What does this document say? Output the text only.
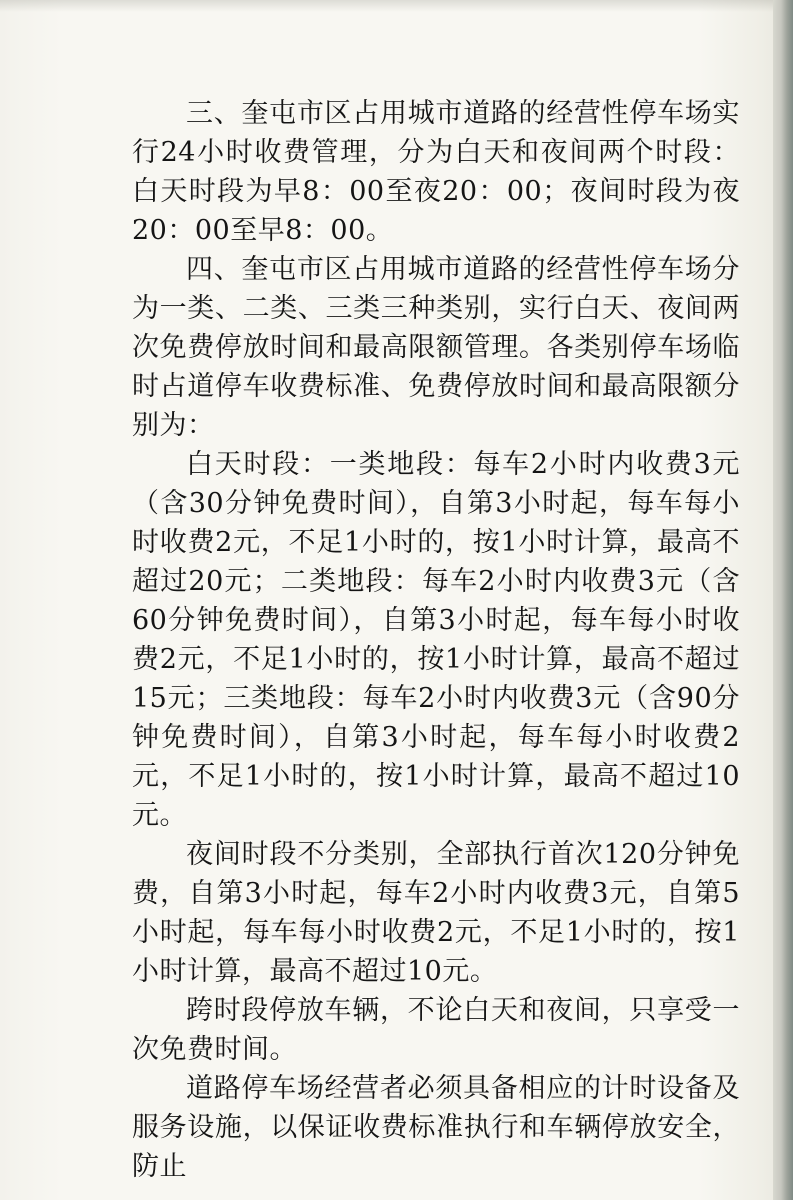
三、奎屯市区占用城市道路的经营性停车场实行24小时收费管理，分为白天和夜间两个时段：白天时段为早8：00至夜20：00；夜间时段为夜20：00至早8：00。

四、奎屯市区占用城市道路的经营性停车场分为一类、二类、三类三种类别，实行白天、夜间两次免费停放时间和最高限额管理。各类别停车场临时占道停车收费标准、免费停放时间和最高限额分别为：

白天时段：一类地段：每车2小时内收费3元（含30分钟免费时间），自第3小时起，每车每小时收费2元，不足1小时的，按1小时计算，最高不超过20元；二类地段：每车2小时内收费3元（含60分钟免费时间），自第3小时起，每车每小时收费2元，不足1小时的，按1小时计算，最高不超过15元；三类地段：每车2小时内收费3元（含90分钟免费时间），自第3小时起，每车每小时收费2元，不足1小时的，按1小时计算，最高不超过10元。

夜间时段不分类别，全部执行首次120分钟免费，自第3小时起，每车2小时内收费3元，自第5小时起，每车每小时收费2元，不足1小时的，按1小时计算，最高不超过10元。

跨时段停放车辆，不论白天和夜间，只享受一次免费时间。

道路停车场经营者必须具备相应的计时设备及服务设施，以保证收费标准执行和车辆停放安全，防止
